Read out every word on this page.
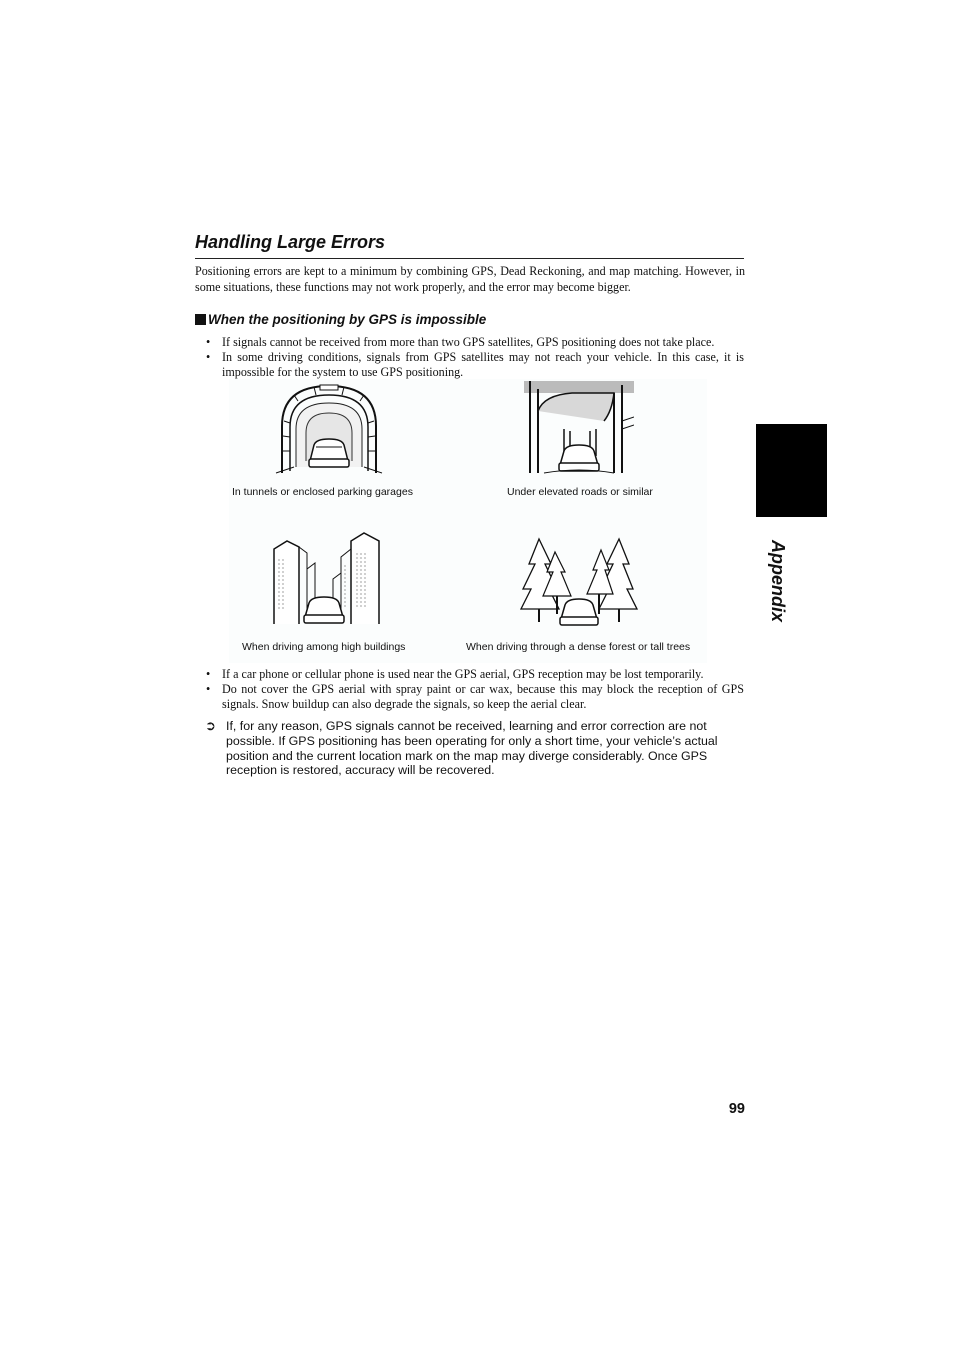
Handling Large Errors

Positioning errors are kept to a minimum by combining GPS, Dead Reckoning, and map matching. However, in some situations, these functions may not work properly, and the error may become bigger.

When the positioning by GPS is impossible
• If signals cannot be received from more than two GPS satellites, GPS positioning does not take place.
• In some driving conditions, signals from GPS satellites may not reach your vehicle. In this case, it is impossible for the system to use GPS positioning.
In tunnels or enclosed parking garages	Under elevated roads or similar
When driving among high buildings	When driving through a dense forest or tall trees
• If a car phone or cellular phone is used near the GPS aerial, GPS reception may be lost temporarily.
• Do not cover the GPS aerial with spray paint or car wax, because this may block the reception of GPS signals. Snow buildup can also degrade the signals, so keep the aerial clear.
➲ If, for any reason, GPS signals cannot be received, learning and error correction are not possible. If GPS positioning has been operating for only a short time, your vehicle’s actual position and the current location mark on the map may diverge considerably. Once GPS reception is restored, accuracy will be recovered.
Appendix
99
